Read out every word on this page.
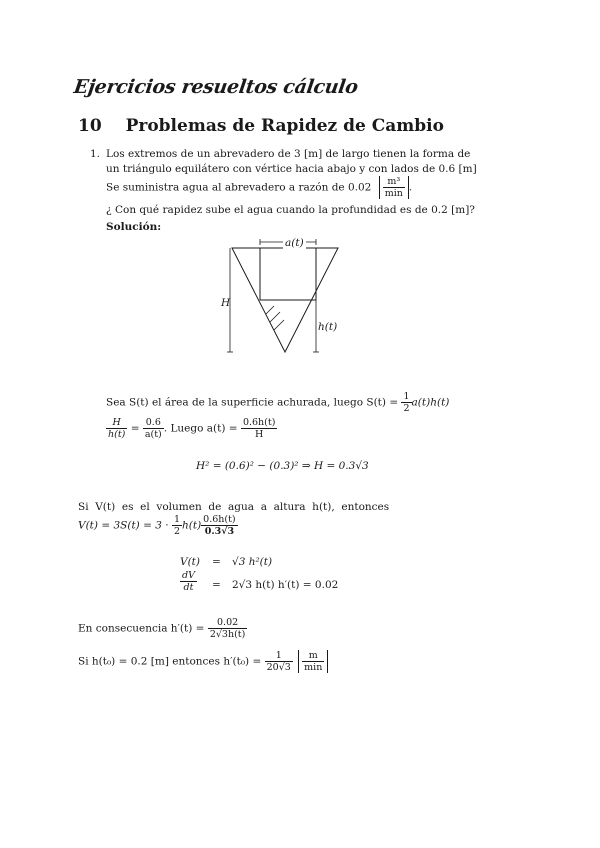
Ejercicios resueltos cálculo
10 Problemas de Rapidez de Cambio
1. Los extremos de un abrevadero de 3 [m] de largo tienen la forma de
un triángulo equilátero con vértice hacia abajo y con lados de 0.6 [m]
Se suministra agua al abrevadero a razón de $0.02 \frac{\text{m³}}{\min}$ .
¿ Con qué rapidez sube el agua cuando la profundidad es de 0.2 [m]?
Solución:
a(t)
H
h(t)
Sea S(t) el área de la superficie achurada, luego $S(t) = \frac{1}{2} a(t)h(t)$
$\frac{H}{h(t)} = \frac{0.6}{a(t)}$ . Luego $a(t) = \frac{0.6h(t)}{H}$
H² = (0.6)² − (0.3)² ⇒ H = 0.3√3
Si  V(t)  es  el  volumen  de  agua  a  altura  h(t),  entonces
$V(t) = 3S(t) = 3 \cdot \frac{1}{2} h(t) \frac{0.6h(t)}{0.3√3}$
V(t) = √3 h²(t)
$\frac{dV}{dt} = 2√3$ h(t) h′(t) = 0.02
En consecuencia $h'(t) = \frac{0.02}{2√3h(t)}$
Si h(t₀) = 0.2 [m] entonces $h'(t_0) = \frac{1}{20√3}$
$\frac{m}{\min}$
